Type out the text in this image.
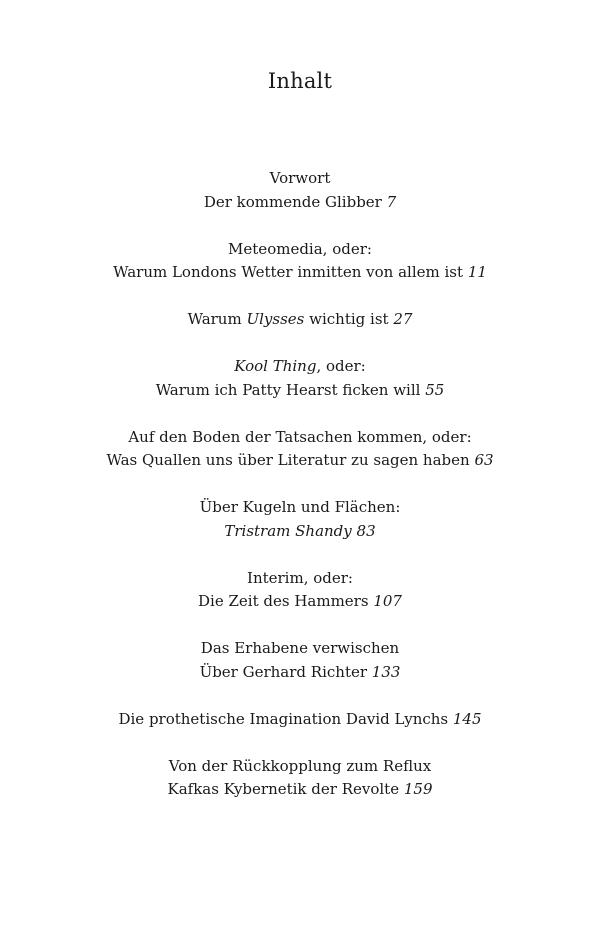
Inhalt
Vorwort
Der kommende Glibber 7
Meteomedia, oder:
Warum Londons Wetter inmitten von allem ist 11
Warum Ulysses wichtig ist 27
Kool Thing, oder:
Warum ich Patty Hearst ficken will 55
Auf den Boden der Tatsachen kommen, oder:
Was Quallen uns über Literatur zu sagen haben 63
Über Kugeln und Flächen:
Tristram Shandy 83
Interim, oder:
Die Zeit des Hammers 107
Das Erhabene verwischen
Über Gerhard Richter 133
Die prothetische Imagination David Lynchs 145
Von der Rückkopplung zum Reflux
Kafkas Kybernetik der Revolte 159
